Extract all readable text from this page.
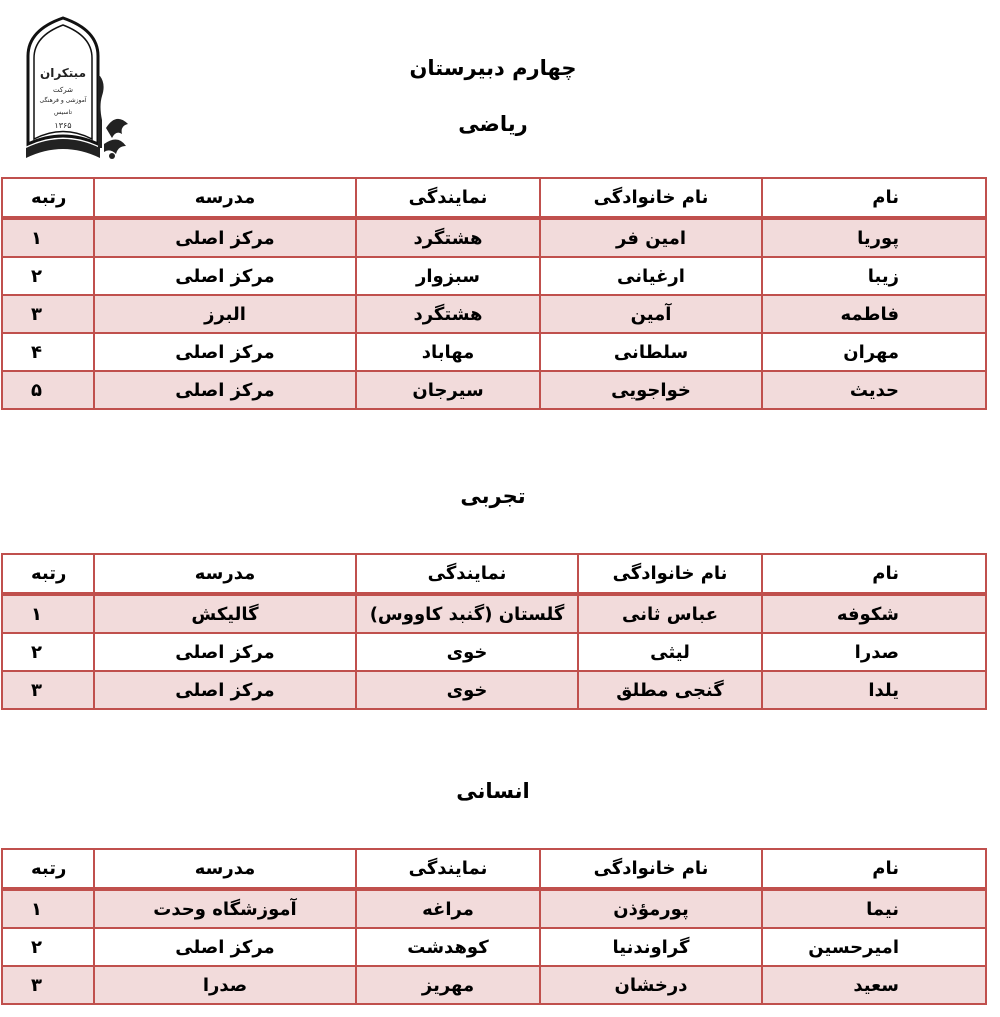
مبتکران
شرکت
آموزشی و فرهنگی
تاسیس
۱۳۶۵
چهارم دبیرستان
ریاضی
نام	نام خانوادگی	نمایندگی	مدرسه	رتبه
پوریا	امین فر	هشتگرد	مرکز اصلی	۱
زیبا	ارغیانی	سبزوار	مرکز اصلی	۲
فاطمه	آمین	هشتگرد	البرز	۳
مهران	سلطانی	مهاباد	مرکز اصلی	۴
حدیث	خواجویی	سیرجان	مرکز اصلی	۵
تجربی
نام	نام خانوادگی	نمایندگی	مدرسه	رتبه
شکوفه	عباس ثانی	گلستان (گنبد کاووس)	گالیکش	۱
صدرا	لیثی	خوی	مرکز اصلی	۲
یلدا	گنجی مطلق	خوی	مرکز اصلی	۳
انسانی
نام	نام خانوادگی	نمایندگی	مدرسه	رتبه
نیما	پورمؤذن	مراغه	آموزشگاه وحدت	۱
امیرحسین	گراوندنیا	کوهدشت	مرکز اصلی	۲
سعید	درخشان	مهریز	صدرا	۳
